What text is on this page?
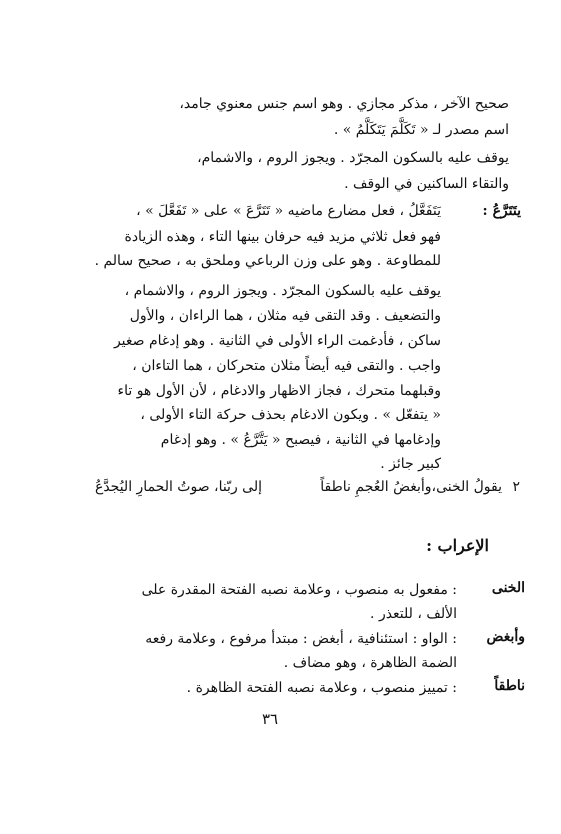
صحيح الآخر ، مذكر مجازي . وهو اسم جنس معنوي جامد،
اسم مصدر لـ « تَكَلَّمَ يَتَكَلَّمُ » .
يوقف عليه بالسكون المجرّد . ويجوز الروم ، والاشمام،
والتقاء الساكنين في الوقف .
يتَتَرَّعُ :
يَتَفَعَّلُ ، فعل مضارع ماضيه « تَتَرَّعَ » على « تَفَعَّلَ » ،
فهو فعل ثلاثي مزيد فيه حرفان بينها التاء ، وهذه الزيادة
للمطاوعة . وهو على وزن الرباعي وملحق به ، صحيح سالم .
يوقف عليه بالسكون المجرّد . ويجوز الروم ، والاشمام ،
والتضعيف . وقد التقى فيه مثلان ، هما الراءان ، والأول
ساكن ، فأدغمت الراء الأولى في الثانية . وهو إدغام صغير
واجب . والتقى فيه أيضاً مثلان متحركان ، هما التاءان ،
وقبلهما متحرك ، فجاز الاظهار والادغام ، لأن الأول هو تاء
« يتفعّل » . ويكون الادغام بحذف حركة التاء الأولى ،
وإدغامها في الثانية ، فيصبح « يَتَّرَّعُ » . وهو إدغام
كبير جائز .
٢
يقولُ الخنى،وأبغضُ العُجمِ ناطقاً
إلى ربّنا، صوتُ الحمارِ اليُجدَّعُ
الإعراب :
الخنى
: مفعول به منصوب ، وعلامة نصبه الفتحة المقدرة على
الألف ، للتعذر .
وأبغض
: الواو : استئنافية ، أبغض : مبتدأ مرفوع ، وعلامة رفعه
الضمة الظاهرة ، وهو مضاف .
ناطقاً
: تمييز منصوب ، وعلامة نصبه الفتحة الظاهرة .
٣٦
